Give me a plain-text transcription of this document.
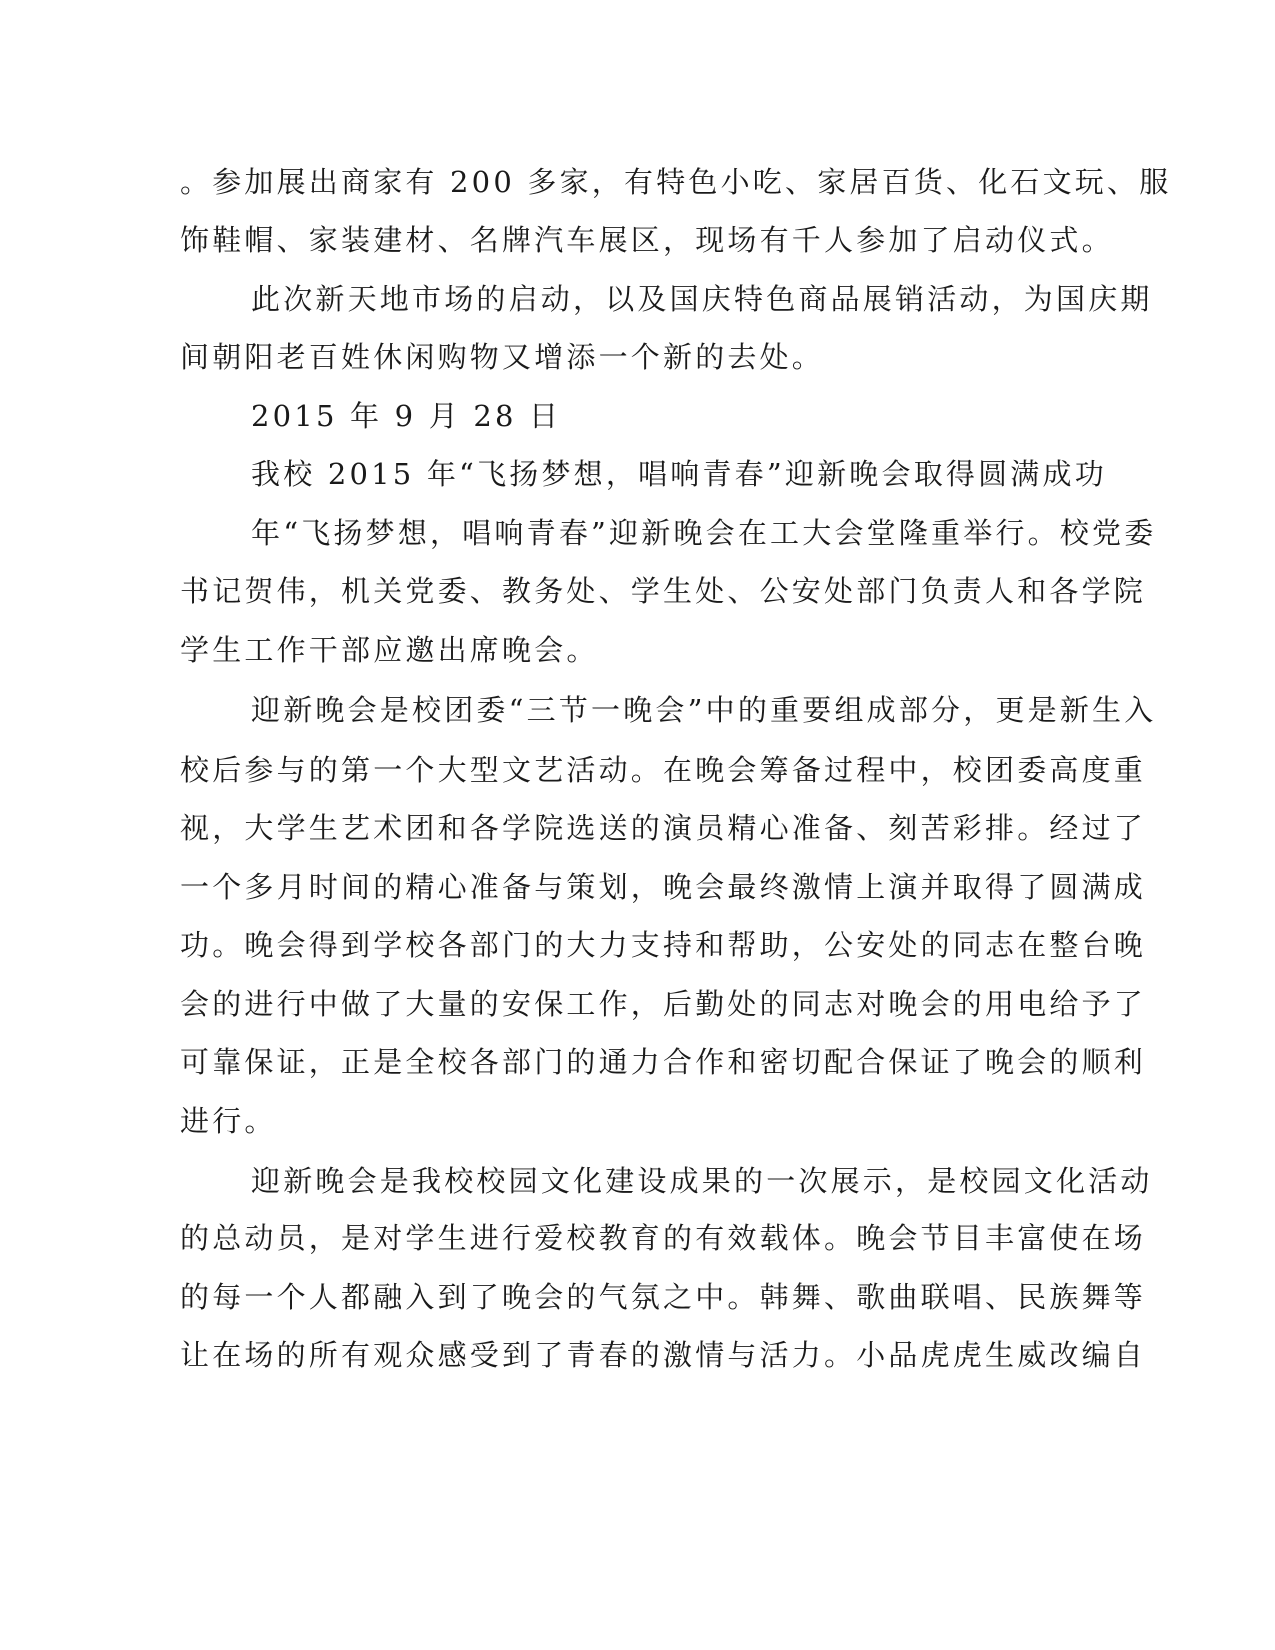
。参加展出商家有 200 多家，有特色小吃、家居百货、化石文玩、服
饰鞋帽、家装建材、名牌汽车展区，现场有千人参加了启动仪式。
此次新天地市场的启动，以及国庆特色商品展销活动，为国庆期
间朝阳老百姓休闲购物又增添一个新的去处。
2015 年 9 月 28 日
我校 2015 年“飞扬梦想，唱响青春”迎新晚会取得圆满成功
年“飞扬梦想，唱响青春”迎新晚会在工大会堂隆重举行。校党委
书记贺伟，机关党委、教务处、学生处、公安处部门负责人和各学院
学生工作干部应邀出席晚会。
迎新晚会是校团委“三节一晚会”中的重要组成部分，更是新生入
校后参与的第一个大型文艺活动。在晚会筹备过程中，校团委高度重
视，大学生艺术团和各学院选送的演员精心准备、刻苦彩排。经过了
一个多月时间的精心准备与策划，晚会最终激情上演并取得了圆满成
功。晚会得到学校各部门的大力支持和帮助，公安处的同志在整台晚
会的进行中做了大量的安保工作，后勤处的同志对晚会的用电给予了
可靠保证，正是全校各部门的通力合作和密切配合保证了晚会的顺利
进行。
迎新晚会是我校校园文化建设成果的一次展示，是校园文化活动
的总动员，是对学生进行爱校教育的有效载体。晚会节目丰富使在场
的每一个人都融入到了晚会的气氛之中。韩舞、歌曲联唱、民族舞等
让在场的所有观众感受到了青春的激情与活力。小品虎虎生威改编自
